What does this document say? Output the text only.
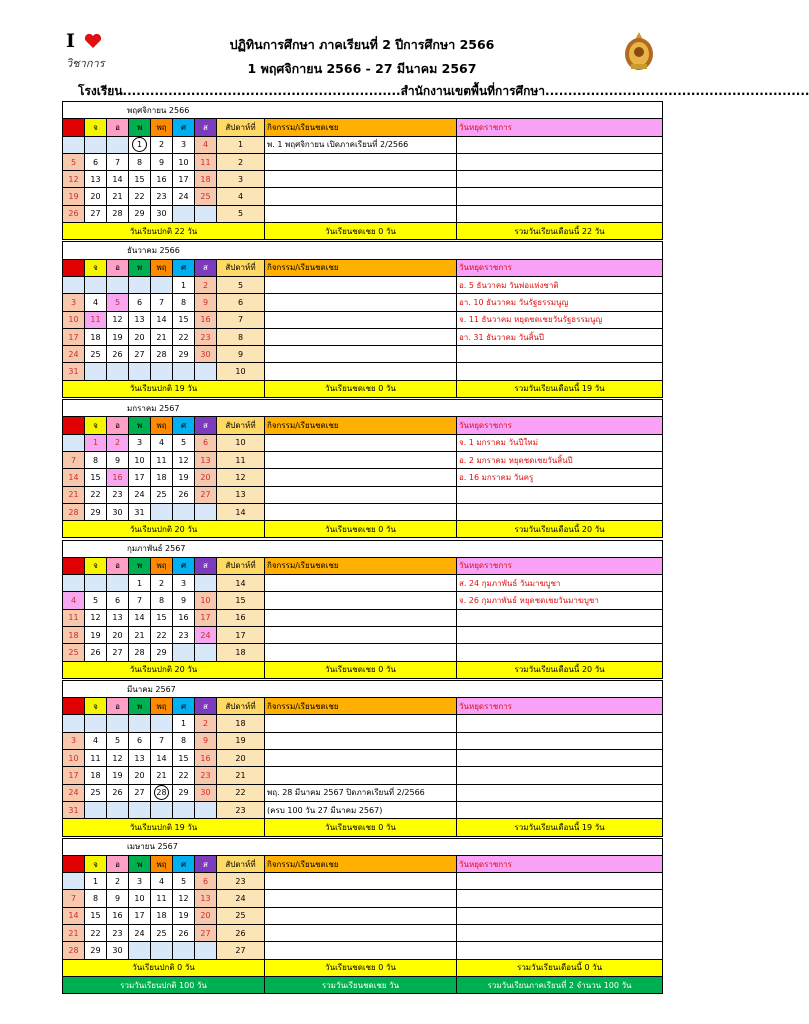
I
วิชาการ
ปฏิทินการศึกษา ภาคเรียนที่ 2 ปีการศึกษา 2566
1 พฤศจิกายน 2566 - 27 มีนาคม 2567
โรงเรียน.............................................................สำนักงานเขตพื้นที่การศึกษา..........................................................
พฤศจิกายน 2566									
อา	จ	อ	พ	พฤ	ศ	ส	สัปดาห์ที่	กิจกรรม/เรียนชดเชย	วันหยุดราชการ
			1	2	3	4	1	พ. 1 พฤศจิกายน เปิดภาคเรียนที่ 2/2566	
5	6	7	8	9	10	11	2		
12	13	14	15	16	17	18	3		
19	20	21	22	23	24	25	4		
26	27	28	29	30			5		
วันเรียนปกติ 22 วัน								วันเรียนชดเชย 0 วัน	รวมวันเรียนเดือนนี้ 22 วัน
ธันวาคม 2566									
อา	จ	อ	พ	พฤ	ศ	ส	สัปดาห์ที่	กิจกรรม/เรียนชดเชย	วันหยุดราชการ
					1	2	5		อ. 5 ธันวาคม วันพ่อแห่งชาติ
3	4	5	6	7	8	9	6		อา. 10 ธันวาคม วันรัฐธรรมนูญ
10	11	12	13	14	15	16	7		จ. 11 ธันวาคม หยุดชดเชยวันรัฐธรรมนูญ
17	18	19	20	21	22	23	8		อา. 31 ธันวาคม วันสิ้นปี
24	25	26	27	28	29	30	9		
31							10		
วันเรียนปกติ 19 วัน								วันเรียนชดเชย 0 วัน	รวมวันเรียนเดือนนี้ 19 วัน
มกราคม 2567									
อา	จ	อ	พ	พฤ	ศ	ส	สัปดาห์ที่	กิจกรรม/เรียนชดเชย	วันหยุดราชการ
	1	2	3	4	5	6	10		จ. 1 มกราคม วันปีใหม่
7	8	9	10	11	12	13	11		อ. 2 มกราคม หยุดชดเชยวันสิ้นปี
14	15	16	17	18	19	20	12		อ. 16 มกราคม วันครู
21	22	23	24	25	26	27	13		
28	29	30	31				14		
วันเรียนปกติ 20 วัน								วันเรียนชดเชย 0 วัน	รวมวันเรียนเดือนนี้ 20 วัน
กุมภาพันธ์ 2567									
อา	จ	อ	พ	พฤ	ศ	ส	สัปดาห์ที่	กิจกรรม/เรียนชดเชย	วันหยุดราชการ
			1	2	3		14		ส. 24 กุมภาพันธ์ วันมาฆบูชา
4	5	6	7	8	9	10	15		จ. 26 กุมภาพันธ์ หยุดชดเชยวันมาฆบูชา
11	12	13	14	15	16	17	16		
18	19	20	21	22	23	24	17		
25	26	27	28	29			18		
วันเรียนปกติ 20 วัน								วันเรียนชดเชย 0 วัน	รวมวันเรียนเดือนนี้ 20 วัน
มีนาคม 2567									
อา	จ	อ	พ	พฤ	ศ	ส	สัปดาห์ที่	กิจกรรม/เรียนชดเชย	วันหยุดราชการ
					1	2	18		
3	4	5	6	7	8	9	19		
10	11	12	13	14	15	16	20		
17	18	19	20	21	22	23	21		
24	25	26	27	28	29	30	22	พฤ. 28 มีนาคม 2567 ปิดภาคเรียนที่ 2/2566	
31							23	(ครบ 100 วัน 27 มีนาคม 2567)	
วันเรียนปกติ 19 วัน								วันเรียนชดเชย 0 วัน	รวมวันเรียนเดือนนี้ 19 วัน
เมษายน 2567									
อา	จ	อ	พ	พฤ	ศ	ส	สัปดาห์ที่	กิจกรรม/เรียนชดเชย	วันหยุดราชการ
	1	2	3	4	5	6	23		
7	8	9	10	11	12	13	24		
14	15	16	17	18	19	20	25		
21	22	23	24	25	26	27	26		
28	29	30					27		
วันเรียนปกติ 0 วัน								วันเรียนชดเชย 0 วัน	รวมวันเรียนเดือนนี้ 0 วัน
รวมวันเรียนปกติ 100 วัน								รวมวันเรียนชดเชย วัน	รวมวันเรียนภาคเรียนที่ 2 จำนวน 100 วัน
